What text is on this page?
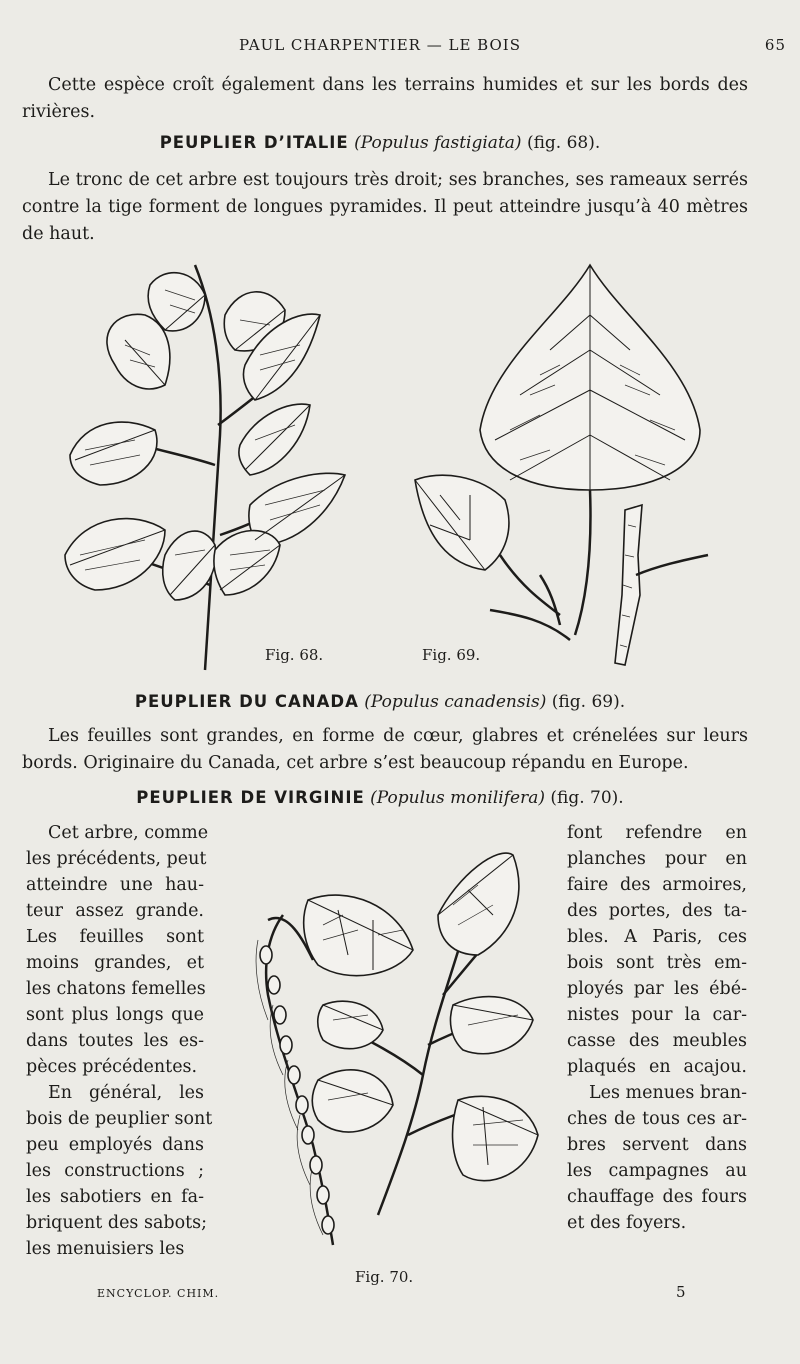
PAUL CHARPENTIER — LE BOIS	65
Cette espèce croît également dans les terrains humides et sur les bords des rivières.
PEUPLIER D’ITALIE (Populus fastigiata) (fig. 68).
Le tronc de cet arbre est toujours très droit; ses branches, ses rameaux serrés contre la tige forment de longues pyramides. Il peut atteindre jusqu’à 40 mètres de haut.
Fig. 68.	Fig. 69.
PEUPLIER DU CANADA (Populus canadensis) (fig. 69).
Les feuilles sont grandes, en forme de cœur, glabres et crénelées sur leurs bords. Originaire du Canada, cet arbre s’est beaucoup répandu en Europe.
PEUPLIER DE VIRGINIE (Populus monilifera) (fig. 70).
Cet arbre, comme
les précédents, peut
atteindre une hau-
teur assez grande.
Les feuilles sont
moins grandes, et
les chatons femelles
sont plus longs que
dans toutes les es-
pèces précédentes.
En général, les
bois de peuplier sont
peu employés dans
les constructions ;
les sabotiers en fa-
briquent des sabots;
les menuisiers les
font refendre en
planches pour en
faire des armoires,
des portes, des ta-
bles. A Paris, ces
bois sont très em-
ployés par les ébé-
nistes pour la car-
casse des meubles
plaqués en acajou.
Les menues bran-
ches de tous ces ar-
bres servent dans
les campagnes au
chauffage des fours
et des foyers.
Fig. 70.
ENCYCLOP. CHIM.	5
